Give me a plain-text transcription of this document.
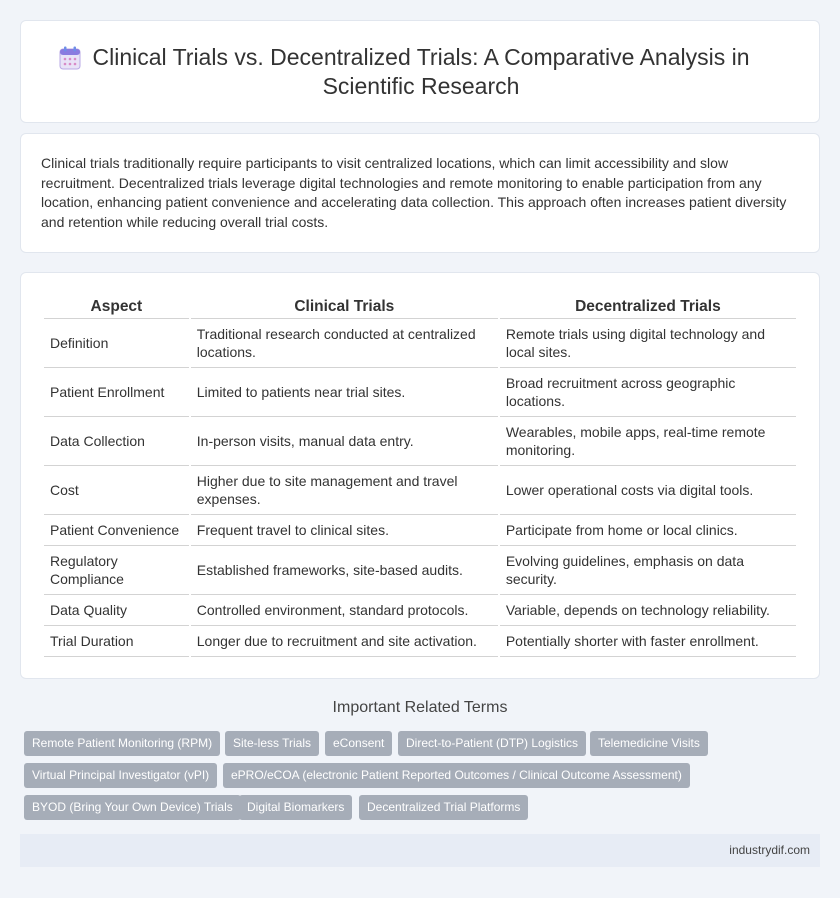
Clinical Trials vs. Decentralized Trials: A Comparative Analysis in
Scientific Research

Clinical trials traditionally require participants to visit centralized locations, which can limit accessibility and slow recruitment. Decentralized trials leverage digital technologies and remote monitoring to enable participation from any location, enhancing patient convenience and accelerating data collection. This approach often increases patient diversity and retention while reducing overall trial costs.

Aspect	Clinical Trials	Decentralized Trials
Definition	Traditional research conducted at centralized locations.	Remote trials using digital technology and local sites.
Patient Enrollment	Limited to patients near trial sites.	Broad recruitment across geographic locations.
Data Collection	In-person visits, manual data entry.	Wearables, mobile apps, real-time remote monitoring.
Cost	Higher due to site management and travel expenses.	Lower operational costs via digital tools.
Patient Convenience	Frequent travel to clinical sites.	Participate from home or local clinics.
Regulatory Compliance	Established frameworks, site-based audits.	Evolving guidelines, emphasis on data security.
Data Quality	Controlled environment, standard protocols.	Variable, depends on technology reliability.
Trial Duration	Longer due to recruitment and site activation.	Potentially shorter with faster enrollment.
Important Related Terms
Remote Patient Monitoring (RPM)	Site-less Trials	eConsent	Direct-to-Patient (DTP) Logistics	Telemedicine Visits
Virtual Principal Investigator (vPI)	ePRO/eCOA (electronic Patient Reported Outcomes / Clinical Outcome Assessment)
BYOD (Bring Your Own Device) Trials	Digital Biomarkers	Decentralized Trial Platforms
industrydif.com
